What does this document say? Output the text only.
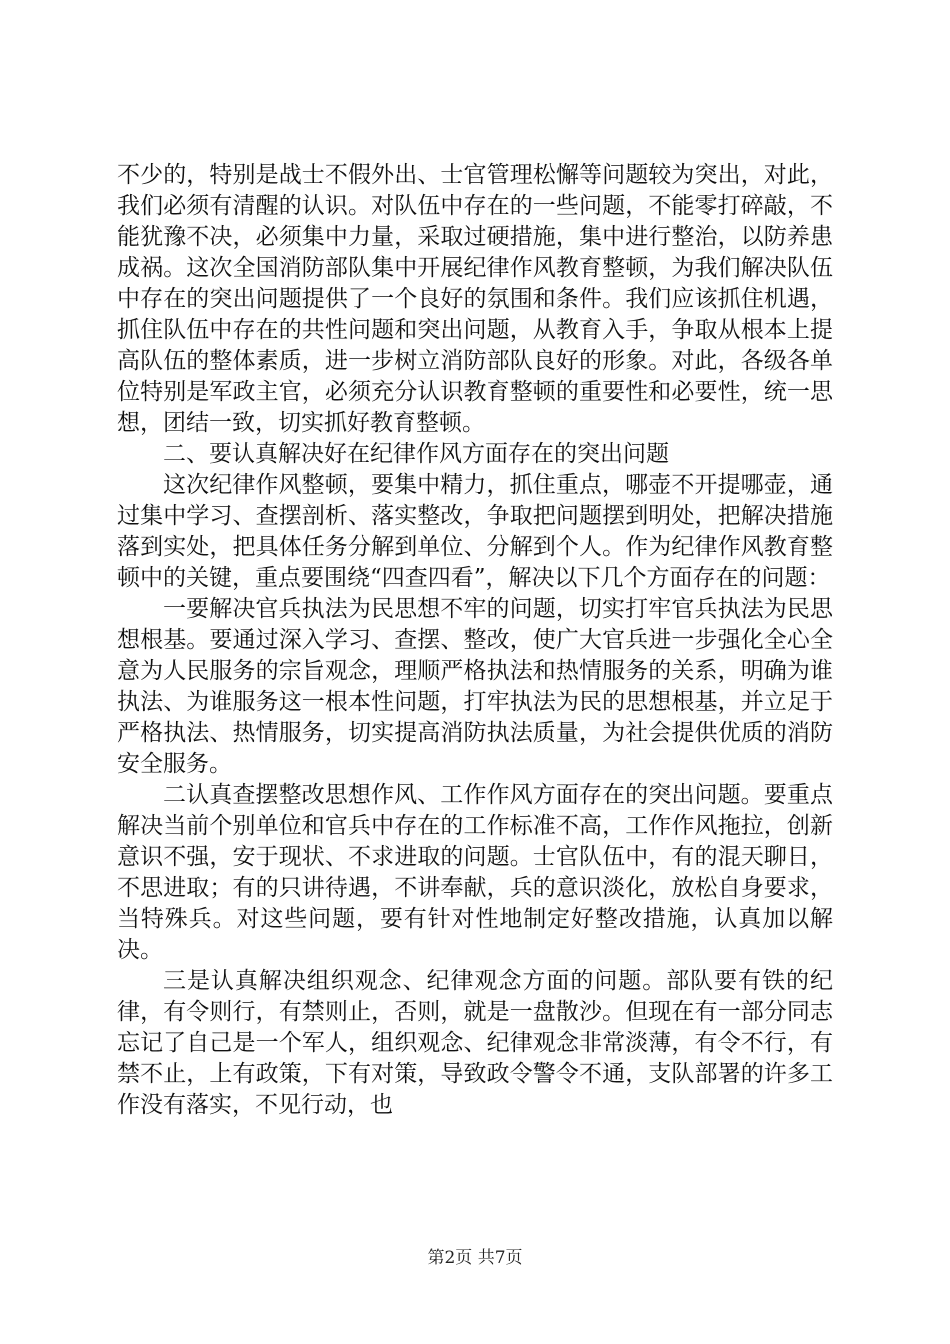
不少的，特别是战士不假外出、士官管理松懈等问题较为突出，对此，我们必须有清醒的认识。对队伍中存在的一些问题，不能零打碎敲，不能犹豫不决，必须集中力量，采取过硬措施，集中进行整治，以防养患成祸。这次全国消防部队集中开展纪律作风教育整顿，为我们解决队伍中存在的突出问题提供了一个良好的氛围和条件。我们应该抓住机遇，抓住队伍中存在的共性问题和突出问题，从教育入手，争取从根本上提高队伍的整体素质，进一步树立消防部队良好的形象。对此，各级各单位特别是军政主官，必须充分认识教育整顿的重要性和必要性，统一思想，团结一致，切实抓好教育整顿。

二、要认真解决好在纪律作风方面存在的突出问题

这次纪律作风整顿，要集中精力，抓住重点，哪壶不开提哪壶，通过集中学习、查摆剖析、落实整改，争取把问题摆到明处，把解决措施落到实处，把具体任务分解到单位、分解到个人。作为纪律作风教育整顿中的关键，重点要围绕“四查四看”，解决以下几个方面存在的问题：

一要解决官兵执法为民思想不牢的问题，切实打牢官兵执法为民思想根基。要通过深入学习、查摆、整改，使广大官兵进一步强化全心全意为人民服务的宗旨观念，理顺严格执法和热情服务的关系，明确为谁执法、为谁服务这一根本性问题，打牢执法为民的思想根基，并立足于严格执法、热情服务，切实提高消防执法质量，为社会提供优质的消防安全服务。

二认真查摆整改思想作风、工作作风方面存在的突出问题。要重点解决当前个别单位和官兵中存在的工作标准不高，工作作风拖拉，创新意识不强，安于现状、不求进取的问题。士官队伍中，有的混天聊日，不思进取；有的只讲待遇，不讲奉献，兵的意识淡化，放松自身要求，当特殊兵。对这些问题，要有针对性地制定好整改措施，认真加以解决。

三是认真解决组织观念、纪律观念方面的问题。部队要有铁的纪律，有令则行，有禁则止，否则，就是一盘散沙。但现在有一部分同志忘记了自己是一个军人，组织观念、纪律观念非常淡薄，有令不行，有禁不止，上有政策，下有对策，导致政令警令不通，支队部署的许多工作没有落实，不见行动，也

第2页 共7页
